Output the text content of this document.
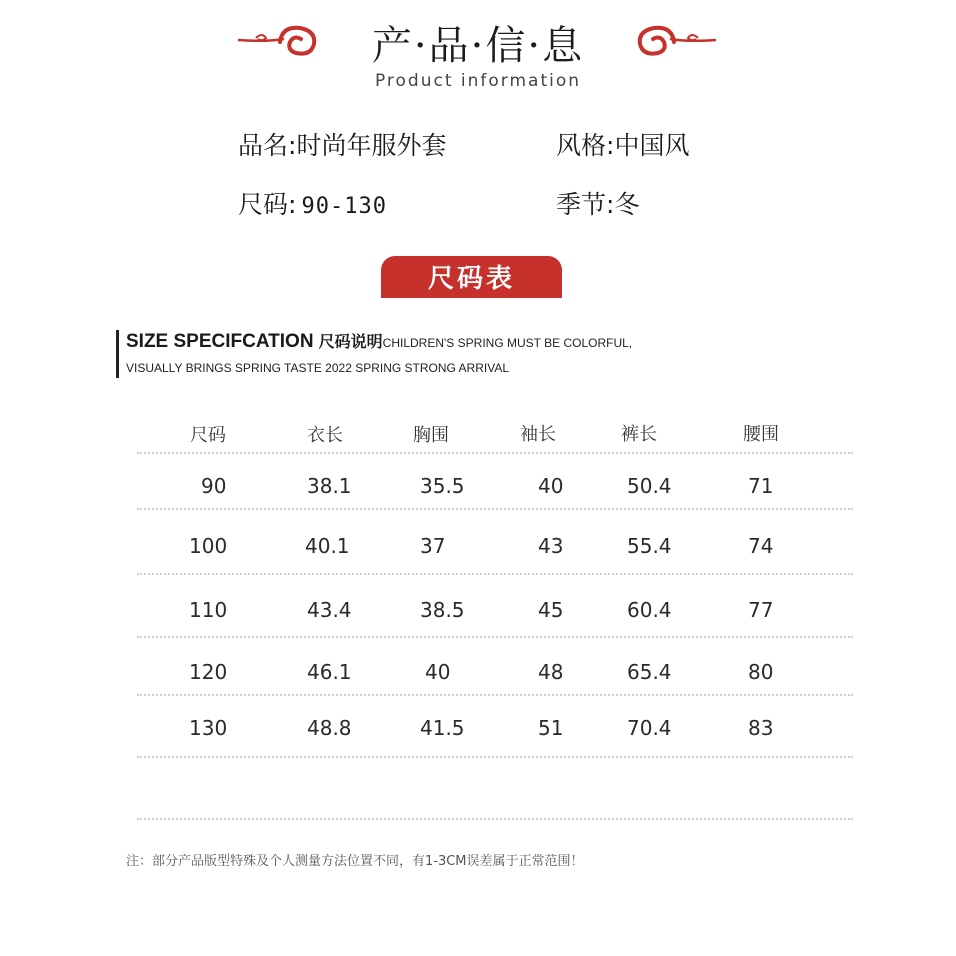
产·品·信·息
Product information
品名:时尚年服外套	风格:中国风
尺码: 90-130	季节:冬
尺码表
SIZE SPECIFCATION 尺码说明CHILDREN'S SPRING MUST BE COLORFUL,
VISUALLY BRINGS SPRING TASTE 2022 SPRING STRONG ARRIVAL
尺码	衣长	胸围	袖长	裤长	腰围
90	38.1	35.5	40	50.4	71
100	40.1	37	43	55.4	74
110	43.4	38.5	45	60.4	77
120	46.1	40	48	65.4	80
130	48.8	41.5	51	70.4	83
注：部分产品版型特殊及个人测量方法位置不同，有1-3CM误差属于正常范围！
